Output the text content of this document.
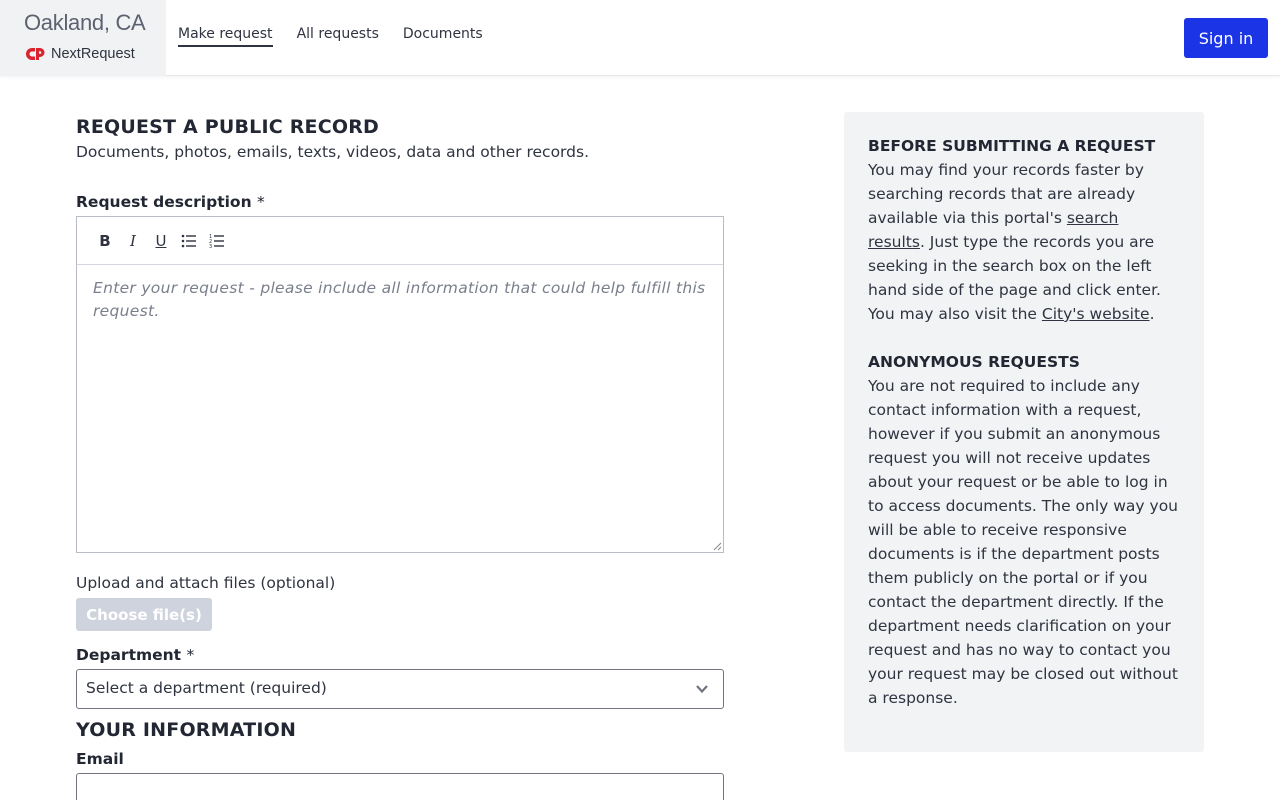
Oakland, CA
NextRequest
Make request All requests Documents	Sign in
REQUEST A PUBLIC RECORD
Documents, photos, emails, texts, videos, data and other records.
Request description *
B	I	U	1
2
3
Enter your request - please include all information that could help fulfill this request.
Upload and attach files (optional)
Choose file(s)
Department *
Select a department (required)
YOUR INFORMATION
Email
BEFORE SUBMITTING A REQUEST
You may find your records faster by searching records that are already available via this portal's search results. Just type the records you are seeking in the search box on the left hand side of the page and click enter. You may also visit the City's website.
ANONYMOUS REQUESTS
You are not required to include any contact information with a request, however if you submit an anonymous request you will not receive updates about your request or be able to log in to access documents. The only way you will be able to receive responsive documents is if the department posts them publicly on the portal or if you contact the department directly. If the department needs clarification on your request and has no way to contact you your request may be closed out without a response.
